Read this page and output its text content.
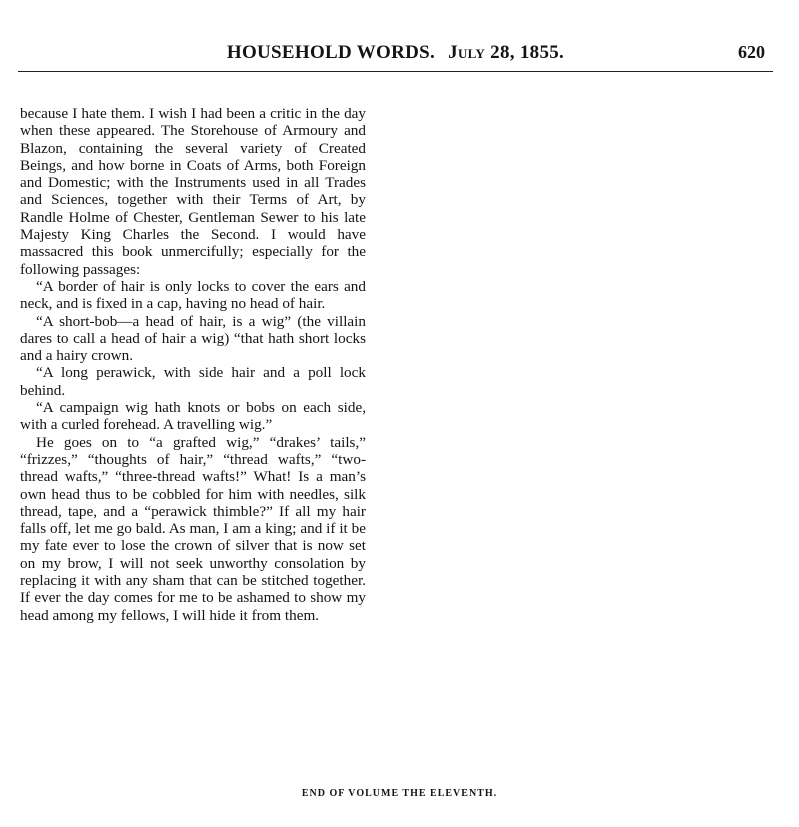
HOUSEHOLD WORDS. July 28, 1855.	620

because I hate them. I wish I had been a critic in the day when these appeared. The Storehouse of Armoury and Blazon, containing the several variety of Created Beings, and how borne in Coats of Arms, both Foreign and Domestic; with the Instruments used in all Trades and Sciences, together with their Terms of Art, by Randle Holme of Chester, Gentleman Sewer to his late Majesty King Charles the Second. I would have massacred this book unmercifully; especially for the following passages:

“A border of hair is only locks to cover the ears and neck, and is fixed in a cap, having no head of hair.

“A short-bob—a head of hair, is a wig” (the villain dares to call a head of hair a wig) “that hath short locks and a hairy crown.

“A long perawick, with side hair and a poll lock behind.

“A campaign wig hath knots or bobs on each side, with a curled forehead. A travelling wig.”

He goes on to “a grafted wig,” “drakes’ tails,” “frizzes,” “thoughts of hair,” “thread wafts,” “two-thread wafts,” “three-thread wafts!” What! Is a man’s own head thus to be cobbled for him with needles, silk thread, tape, and a “perawick thimble?” If all my hair falls off, let me go bald. As man, I am a king; and if it be my fate ever to lose the crown of silver that is now set on my brow, I will not seek unworthy consolation by replacing it with any sham that can be stitched together. If ever the day comes for me to be ashamed to show my head among my fellows, I will hide it from them.

END OF VOLUME THE ELEVENTH.
